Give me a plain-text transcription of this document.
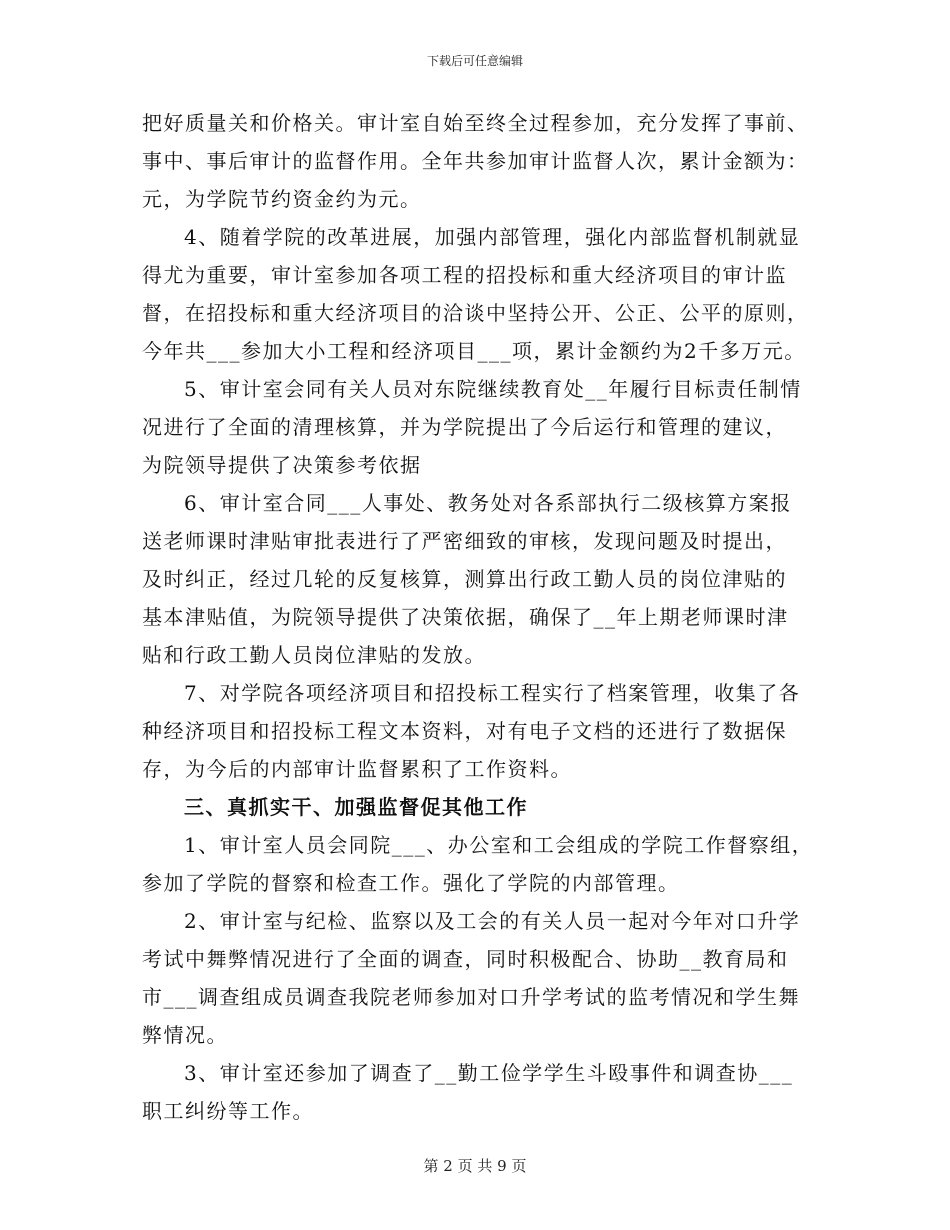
下载后可任意编辑
把好质量关和价格关。审计室自始至终全过程参加，充分发挥了事前、
事中、事后审计的监督作用。全年共参加审计监督人次，累计金额为：
元，为学院节约资金约为元。
4、随着学院的改革进展，加强内部管理，强化内部监督机制就显
得尤为重要，审计室参加各项工程的招投标和重大经济项目的审计监
督，在招投标和重大经济项目的洽谈中坚持公开、公正、公平的原则，
今年共___参加大小工程和经济项目___项，累计金额约为2千多万元。
5、审计室会同有关人员对东院继续教育处__年履行目标责任制情
况进行了全面的清理核算，并为学院提出了今后运行和管理的建议，
为院领导提供了决策参考依据
6、审计室合同___人事处、教务处对各系部执行二级核算方案报
送老师课时津贴审批表进行了严密细致的审核，发现问题及时提出，
及时纠正，经过几轮的反复核算，测算出行政工勤人员的岗位津贴的
基本津贴值，为院领导提供了决策依据，确保了__年上期老师课时津
贴和行政工勤人员岗位津贴的发放。
7、对学院各项经济项目和招投标工程实行了档案管理，收集了各
种经济项目和招投标工程文本资料，对有电子文档的还进行了数据保
存，为今后的内部审计监督累积了工作资料。
三、真抓实干、加强监督促其他工作
1、审计室人员会同院___、办公室和工会组成的学院工作督察组，
参加了学院的督察和检查工作。强化了学院的内部管理。
2、审计室与纪检、监察以及工会的有关人员一起对今年对口升学
考试中舞弊情况进行了全面的调查，同时积极配合、协助__教育局和
市___调查组成员调查我院老师参加对口升学考试的监考情况和学生舞
弊情况。
3、审计室还参加了调查了__勤工俭学学生斗殴事件和调查协___
职工纠纷等工作。
第 2 页 共 9 页
